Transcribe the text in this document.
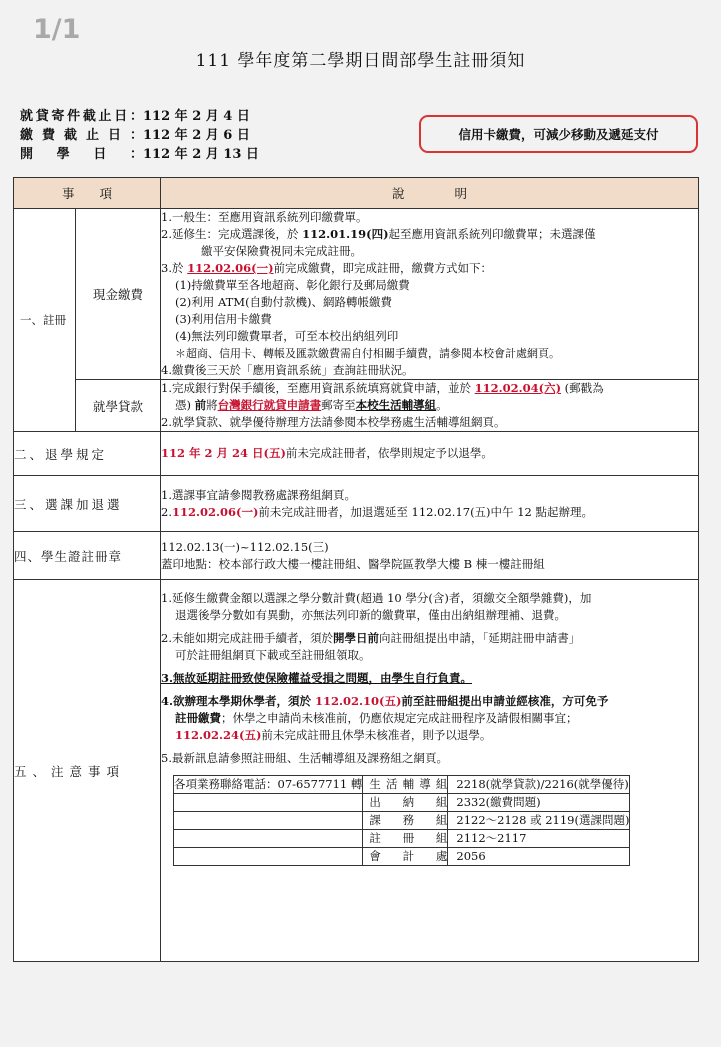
1/1
111 學年度第二學期日間部學生註冊須知
就貸寄件截止日：112 年 2 月 4 日
繳費截止日：112 年 2 月 6 日
開學日：112 年 2 月 13 日
信用卡繳費，可減少移動及遞延支付
事　　項	說　　　　明
一、註冊	現金繳費	
1.一般生：至應用資訊系統列印繳費單。
2.延修生：完成選課後，於 112.01.19(四)起至應用資訊系統列印繳費單；未選課僅
繳平安保險費視同未完成註冊。
3.於 112.02.06(一)前完成繳費，即完成註冊，繳費方式如下：
(1)持繳費單至各地超商、彰化銀行及郵局繳費
(2)利用 ATM(自動付款機)、網路轉帳繳費
(3)利用信用卡繳費
(4)無法列印繳費單者，可至本校出納組列印
＊超商、信用卡、轉帳及匯款繳費需自付相關手續費，請參閱本校會計處網頁。
4.繳費後三天於「應用資訊系統」查詢註冊狀況。

就學貸款	
1.完成銀行對保手續後，至應用資訊系統填寫就貸申請，並於 112.02.04(六) (郵戳為
憑) 前將台灣銀行就貸申請書郵寄至本校生活輔導組。
2.就學貸款、就學優待辦理方法請參閱本校學務處生活輔導組網頁。

二、退學規定	112 年 2 月 24 日(五)前未完成註冊者，依學則規定予以退學。

三、選課加退選	
1.選課事宜請參閱教務處課務組網頁。
2.112.02.06(一)前未完成註冊者，加退選延至 112.02.17(五)中午 12 點起辦理。

四、學生證註冊章	
112.02.13(一)~112.02.15(三)
蓋印地點：校本部行政大樓一樓註冊組、醫學院區教學大樓 B 棟一樓註冊組

五、注意事項	
1.延修生繳費金額以選課之學分數計費(超過 10 學分(含)者，須繳交全額學雜費)，加
退選後學分數如有異動，亦無法列印新的繳費單，僅由出納組辦理補、退費。
2.未能如期完成註冊手續者，須於開學日前向註冊組提出申請，「延期註冊申請書」
可於註冊組網頁下載或至註冊組領取。
3.無故延期註冊致使保險權益受損之問題，由學生自行負責。
4.欲辦理本學期休學者，須於 112.02.10(五)前至註冊組提出申請並經核准，方可免予
註冊繳費；休學之申請尚未核准前，仍應依規定完成註冊程序及請假相關事宜；
112.02.24(五)前未完成註冊且休學未核准者，則予以退學。
5.最新訊息請參照註冊組、生活輔導組及課務組之網頁。
各項業務聯絡電話：07-6577711 轉	生活輔導組	2218(就學貸款)/2216(就學優待)
	出納組	2332(繳費問題)
	課務組	2122～2128 或 2119(選課問題)
	註冊組	2112～2117
	會計處	2056
